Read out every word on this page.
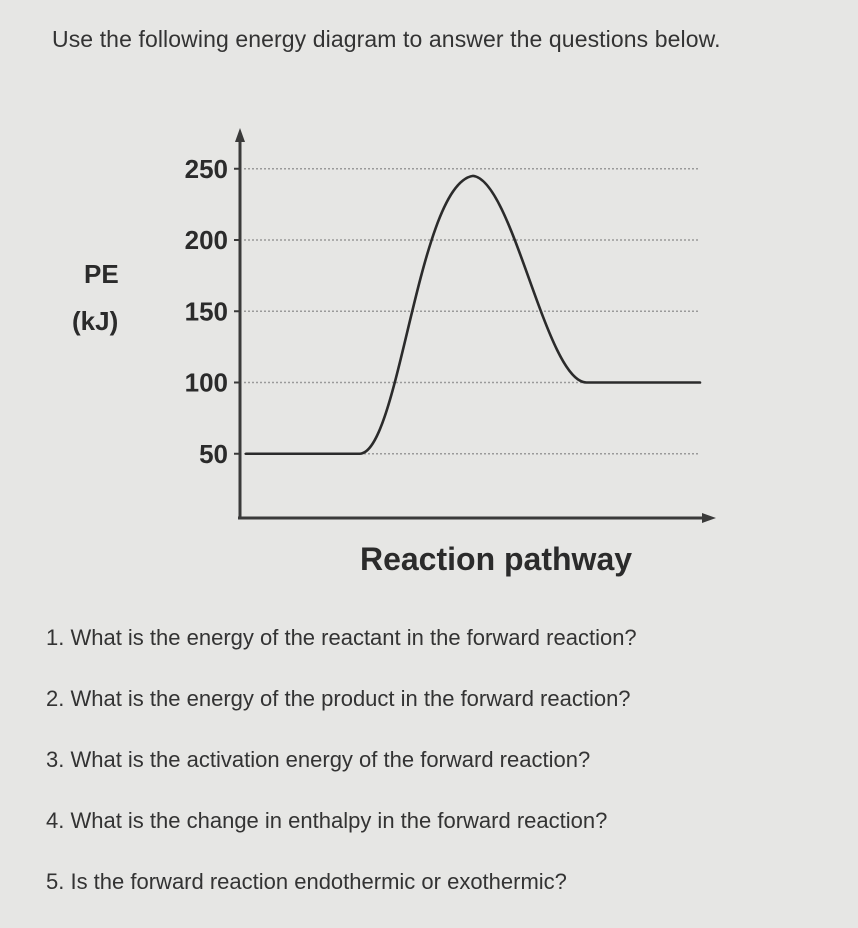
Use the following energy diagram to answer the questions below.
50
100
150
200
250
PE
(kJ)
Reaction pathway
1. What is the energy of the reactant in the forward reaction?
2. What is the energy of the product in the forward reaction?
3. What is the activation energy of the forward reaction?
4. What is the change in enthalpy in the forward reaction?
5. Is the forward reaction endothermic or exothermic?
